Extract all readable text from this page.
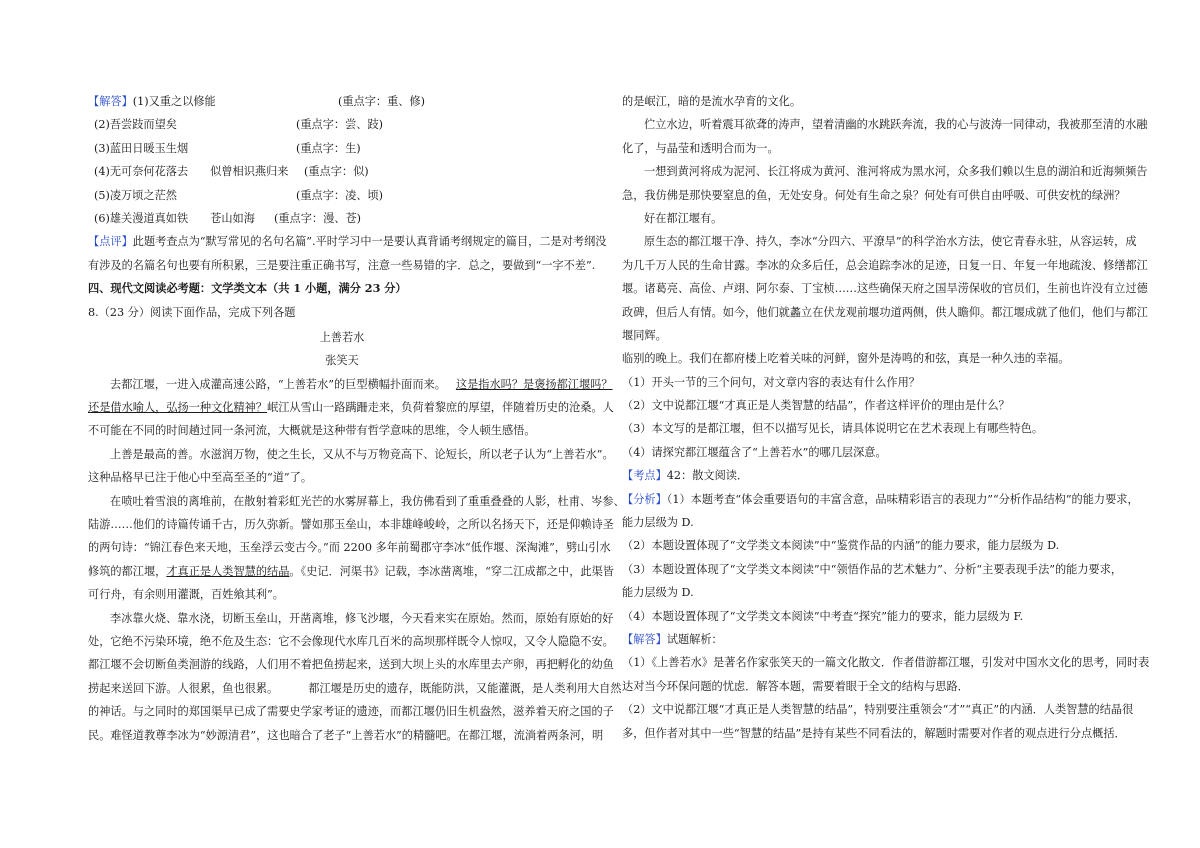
【解答】(1)又重之以修能	(重点字：重、修)
(2)吾尝跂而望矣	(重点字：尝、跂)
(3)蓝田日暖玉生烟	(重点字：生)
(4)无可奈何花落去 似曾相识燕归来 (重点字：似)
(5)凌万顷之茫然	(重点字：凌、顷)
(6)雄关漫道真如铁 苍山如海 (重点字：漫、苍)
【点评】此题考查点为“默写常见的名句名篇”.平时学习中一是要认真背诵考纲规定的篇目，二是对考纲没
有涉及的名篇名句也要有所积累，三是要注重正确书写，注意一些易错的字．总之，要做到“一字不差”.
四、现代文阅读必考题：文学类文本（共 1 小题，满分 23 分）
8.（23 分）阅读下面作品，完成下列各题
上善若水
张笑天
去都江堰，一进入成灌高速公路，“上善若水”的巨型横幅扑面而来。 这是指水吗？是褒扬都江堰吗？
还是借水喻人，弘扬一种文化精神？岷江从雪山一路蹒跚走来，负荷着黎庶的厚望，伴随着历史的沧桑。人
不可能在不同的时间趟过同一条河流，大概就是这种带有哲学意味的思维，令人顿生感悟。
上善是最高的善。水滋润万物，使之生长，又从不与万物竞高下、论短长，所以老子认为“上善若水”。
这种品格早已注于他心中至高至圣的“道”了。
在喷吐着雪浪的离堆前，在散射着彩虹光芒的水雾屏幕上，我仿佛看到了重重叠叠的人影，杜甫、岑参、
陆游……他们的诗篇传诵千古，历久弥新。譬如那玉垒山，本非雄峰峻岭，之所以名扬天下，还是仰赖诗圣
的两句诗：“锦江春色来天地，玉垒浮云变古今。”而 2200 多年前蜀郡守李冰“低作堰、深淘滩”，劈山引水
修筑的都江堰，才真正是人类智慧的结晶。《史记．河渠书》记载，李冰凿离堆，“穿二江成都之中，此渠皆
可行舟，有余则用灌溉，百姓飨其利”。
李冰靠火烧、靠水浇，切断玉垒山，开凿离堆，修飞沙堰，今天看来实在原始。然而，原始有原始的好
处，它绝不污染环境，绝不危及生态：它不会像现代水库几百米的高坝那样既令人惊叹，又令人隐隐不安。
都江堰不会切断鱼类洄游的线路，人们用不着把鱼捞起来，送到大坝上头的水库里去产卵，再把孵化的幼鱼
捞起来送回下游。人很累，鱼也很累。	都江堰是历史的遗存，既能防洪，又能灌溉，是人类利用大自然
的神话。与之同时的郑国渠早已成了需要史学家考证的遗迹，而都江堰仍旧生机盎然，滋养着天府之国的子
民。难怪道教尊李冰为“妙源清君”，这也暗合了老子“上善若水”的精髓吧。在都江堰，流淌着两条河，明
的是岷江，暗的是流水孕育的文化。
伫立水边，听着震耳欲聋的涛声，望着清幽的水跳跃奔流，我的心与波涛一同律动，我被那至清的水融
化了，与晶莹和透明合而为一。
一想到黄河将成为泥河、长江将成为黄河、淮河将成为黑水河，众多我们赖以生息的湖泊和近海频频告
急，我仿佛是那快要窒息的鱼，无处安身。何处有生命之泉？何处有可供自由呼吸、可供安枕的绿洲？
好在都江堰有。
原生态的都江堰干净、持久，李冰“分四六、平潦旱”的科学治水方法，使它青春永驻，从容运转，成
为几千万人民的生命甘露。李冰的众多后任，总会追踪李冰的足迹，日复一日、年复一年地疏浚、修缮都江
堰。诸葛亮、高俭、卢翊、阿尔泰、丁宝桢……这些确保天府之国旱涝保收的官员们，生前也许没有立过德
政碑，但后人有情。如今，他们就蠡立在伏龙观前堰功道两侧，供人瞻仰。都江堰成就了他们，他们与都江
堰同辉。
临别的晚上。我们在都府楼上吃着关味的河鲜，窗外是涛鸣的和弦，真是一种久违的幸福。
（1）开头一节的三个问句，对文章内容的表达有什么作用？
（2）文中说都江堰“才真正是人类智慧的结晶”，作者这样评价的理由是什么？
（3）本文写的是都江堰，但不以描写见长，请具体说明它在艺术表现上有哪些特色。
（4）请探究都江堰蕴含了“上善若水”的哪几层深意。
【考点】42：散文阅读．
【分析】（1）本题考查“体会重要语句的丰富含意，品味精彩语言的表现力”“分析作品结构”的能力要求，
能力层级为 D.
（2）本题设置体现了“文学类文本阅读”中“鉴赏作品的内涵”的能力要求，能力层级为 D.
（3）本题设置体现了“文学类文本阅读”中“领悟作品的艺术魅力”、分析“主要表现手法”的能力要求，
能力层级为 D.
（4）本题设置体现了“文学类文本阅读”中考查“探究”能力的要求，能力层级为 F.
【解答】试题解析：
（1）《上善若水》是著名作家张笑天的一篇文化散文．作者借游都江堰，引发对中国水文化的思考，同时表
达对当今环保问题的忧虑．解答本题，需要着眼于全文的结构与思路．
（2）文中说都江堰“才真正是人类智慧的结晶”，特别要注重领会“才”“真正”的内涵．人类智慧的结晶很
多，但作者对其中一些“智慧的结晶”是持有某些不同看法的，解题时需要对作者的观点进行分点概括．
